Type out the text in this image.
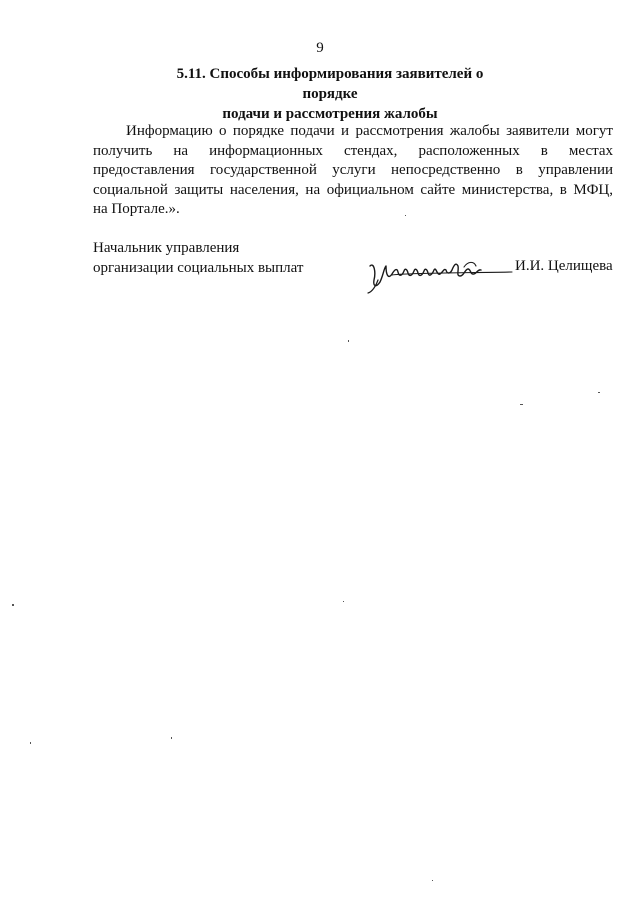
9
5.11. Способы информирования заявителей о порядке
подачи и рассмотрения жалобы
Информацию о порядке подачи и рассмотрения жалобы заявители могут
получить на информационных стендах, расположенных в местах
предоставления государственной услуги непосредственно в управлении
социальной защиты населения, на официальном сайте министерства, в МФЦ,
на Портале.».
Начальник управления
организации социальных выплат	И.И. Целищева
